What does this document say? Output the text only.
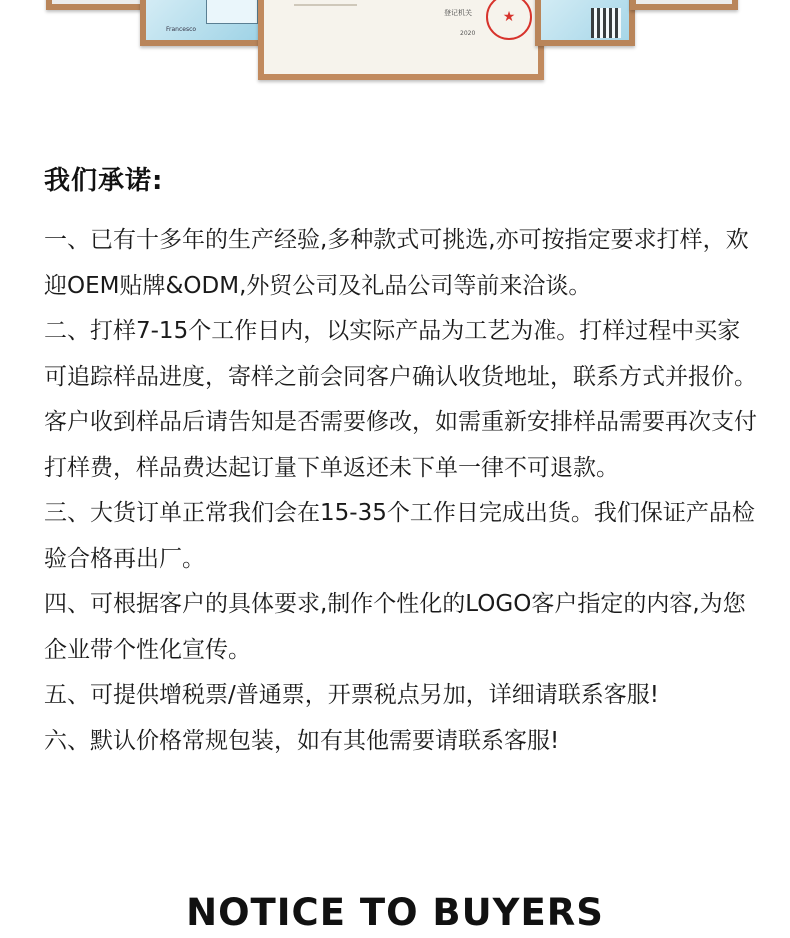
Francesco
登记机关
2020
★
我们承诺:

一、已有十多年的生产经验,多种款式可挑选,亦可按指定要求打样，欢迎OEM贴牌&ODM,外贸公司及礼品公司等前来洽谈。

二、打样7-15个工作日内，以实际产品为工艺为准。打样过程中买家可追踪样品进度，寄样之前会同客户确认收货地址，联系方式并报价。客户收到样品后请告知是否需要修改，如需重新安排样品需要再次支付打样费，样品费达起订量下单返还未下单一律不可退款。

三、大货订单正常我们会在15-35个工作日完成出货。我们保证产品检验合格再出厂。

四、可根据客户的具体要求,制作个性化的LOGO客户指定的内容,为您企业带个性化宣传。

五、可提供增税票/普通票，开票税点另加，详细请联系客服!

六、默认价格常规包装，如有其他需要请联系客服!

NOTICE TO BUYERS
